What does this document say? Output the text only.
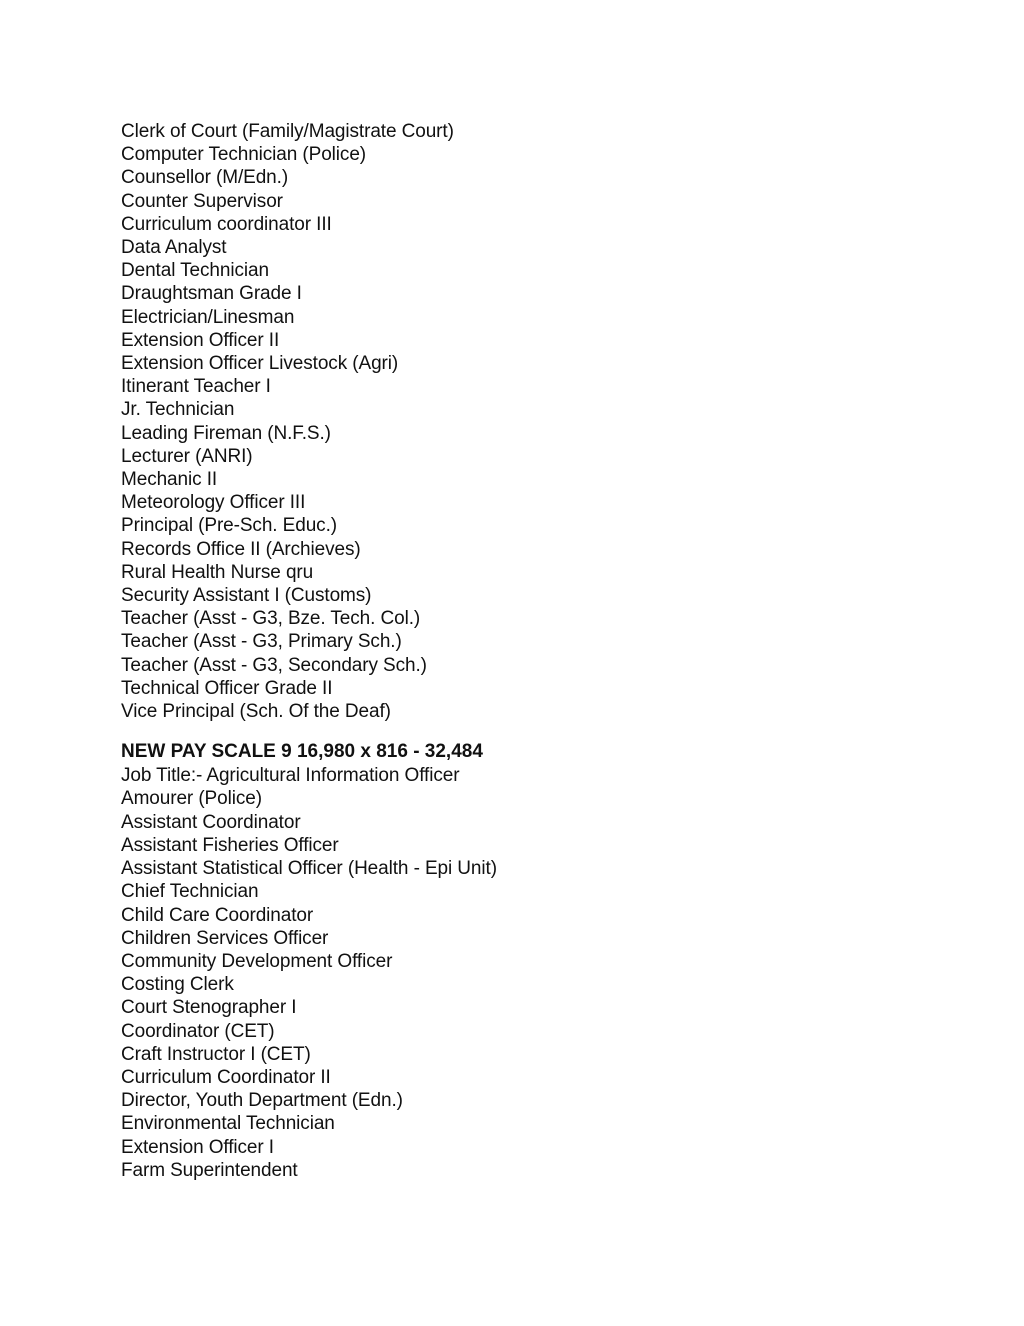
Clerk of Court (Family/Magistrate Court)
Computer Technician (Police)
Counsellor (M/Edn.)
Counter Supervisor
Curriculum coordinator III
Data Analyst
Dental Technician
Draughtsman Grade I
Electrician/Linesman
Extension Officer II
Extension Officer Livestock (Agri)
Itinerant Teacher I
Jr. Technician
Leading Fireman (N.F.S.)
Lecturer (ANRI)
Mechanic II
Meteorology Officer III
Principal (Pre-Sch. Educ.)
Records Office II (Archieves)
Rural Health Nurse qru
Security Assistant I (Customs)
Teacher (Asst - G3, Bze. Tech. Col.)
Teacher (Asst - G3, Primary Sch.)
Teacher (Asst - G3, Secondary Sch.)
Technical Officer Grade II
Vice Principal (Sch. Of the Deaf)
NEW PAY SCALE 9 16,980 x 816 - 32,484
Job Title:- Agricultural Information Officer
Amourer (Police)
Assistant Coordinator
Assistant Fisheries Officer
Assistant Statistical Officer (Health - Epi Unit)
Chief Technician
Child Care Coordinator
Children Services Officer
Community Development Officer
Costing Clerk
Court Stenographer I
Coordinator (CET)
Craft Instructor I (CET)
Curriculum Coordinator II
Director, Youth Department (Edn.)
Environmental Technician
Extension Officer I
Farm Superintendent
